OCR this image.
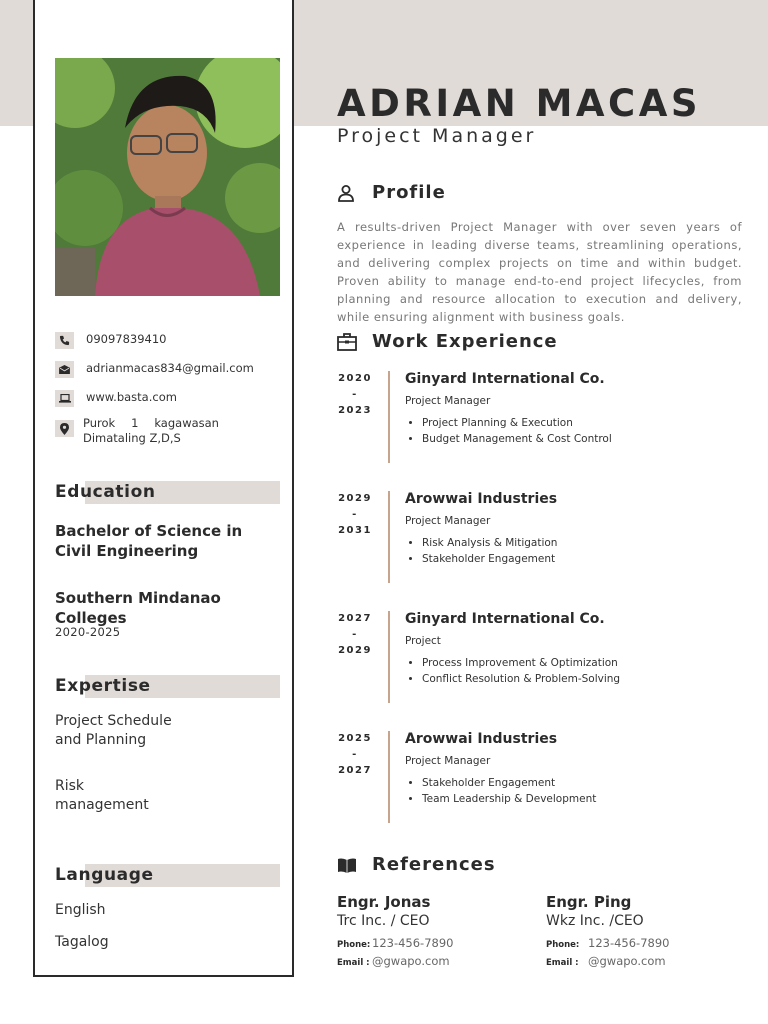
09097839410
adrianmacas834@gmail.com
www.basta.com
Purok 1 kagawasan
Dimataling Z,D,S
Education
Bachelor of Science in Civil Engineering
Southern Mindanao Colleges
2020-2025
Expertise
Project Schedule and Planning
Risk management
Language
English
Tagalog
ADRIAN MACAS
Project Manager
Profile
A results-driven Project Manager with over seven years of experience in leading diverse teams, streamlining operations, and delivering complex projects on time and within budget. Proven ability to manage end-to-end project lifecycles, from planning and resource allocation to execution and delivery, while ensuring alignment with business goals.
Work Experience
2020
-
2023
Ginyard International Co.
Project Manager
• Project Planning & Execution
• Budget Management & Cost Control
2029
-
2031
Arowwai Industries
Project Manager
• Risk Analysis & Mitigation
• Stakeholder Engagement
2027
-
2029
Ginyard International Co.
Project
• Process Improvement & Optimization
• Conflict Resolution & Problem-Solving
2025
-
2027
Arowwai Industries
Project Manager
• Stakeholder Engagement
• Team Leadership & Development
References
Engr. Jonas
Trc Inc. / CEO
Phone: 123-456-7890
Email : @gwapo.com
Engr. Ping
Wkz Inc. /CEO
Phone: 123-456-7890
Email : @gwapo.com
